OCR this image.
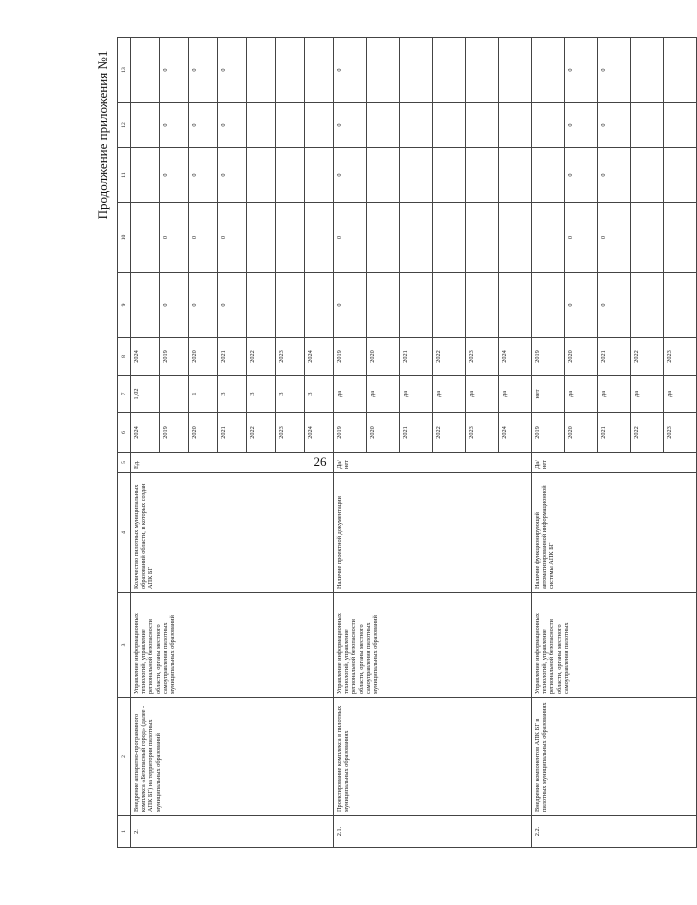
26
Продолжение приложения №1
1	2	3	4	5	6	7	8	9	10	11	12	13
2.	Внедрение аппаратно-программного комплекса «Безопасный город» (далее - АПК БГ) на территории пилотных муниципальных образований	Управление информационных технологий, управление региональной безопасности области, органы местного самоуправления пилотных муниципальных образований	Количество пилотных муниципальных образований области, в которых создан АПК БГ	Ед.	2024	1,02	2024					
					2019		2019	0	0	0	0	0
					2020	1	2020	0	0	0	0	0
					2021	3	2021	0	0	0	0	0
					2022	3	2022					
					2023	3	2023					
					2024	3	2024					
2.1.	Проектирование комплекса в пилотных муниципальных образованиях	Управление информационных технологий, управление региональной безопасности области, органы местного самоуправления пилотных муниципальных образований	Наличие проектной документации	Да/нет	2019	да	2019	0	0	0	0	0
					2020	да	2020					
					2021	да	2021					
					2022	да	2022					
					2023	да	2023					
					2024	да	2024					
2.2.	Внедрение компонентов АПК БГ в пилотных муниципальных образованиях	Управление информационных технологий, управление региональной безопасности области, органы местного самоуправления пилотных	Наличие функционирующей автоматизированной информационной системы АПК БГ	Да/нет	2019	нет	2019					
					2020	да	2020	0	0	0	0	0
					2021	да	2021	0	0	0	0	0
					2022	да	2022					
					2023	да	2023					
